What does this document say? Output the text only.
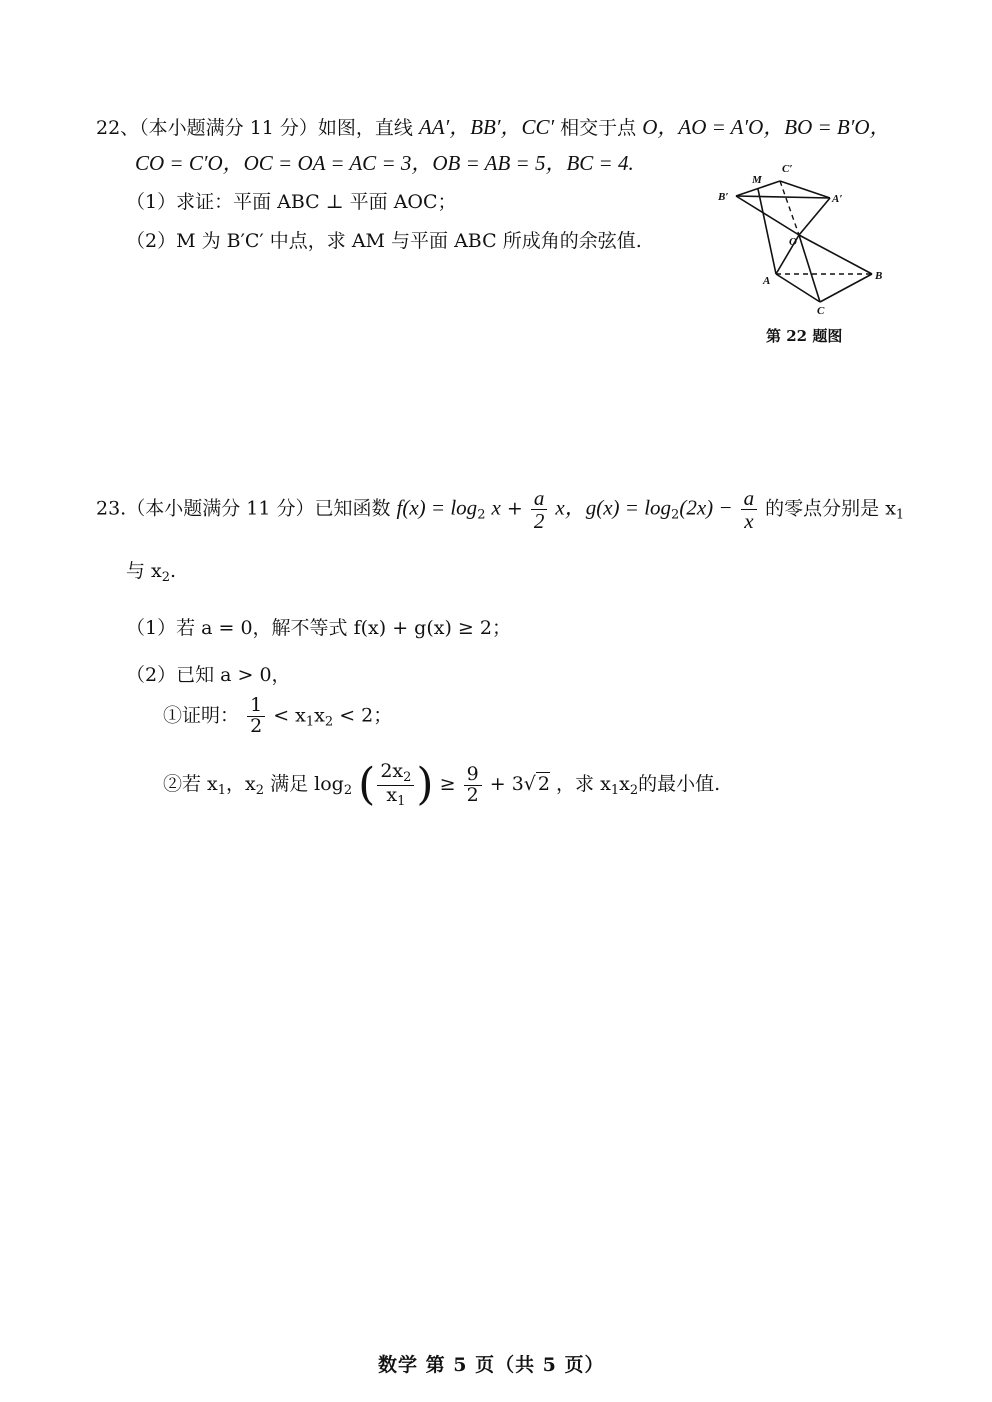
22、（本小题满分 11 分）如图，直线 AA′，BB′，CC′ 相交于点 O，AO = A′O，BO = B′O，
CO = C′O，OC = OA = AC = 3，OB = AB = 5，BC = 4.
（1）求证：平面 ABC ⊥ 平面 AOC；
（2）M 为 B′C′ 中点，求 AM 与平面 ABC 所成角的余弦值.
M
C′
B′	A′
O
A	B
C
第 22 题图
23.（本小题满分 11 分）已知函数 $f(x) = \log_2 x + \frac{a}{2}$ x，$g(x) = \log_2(2x) - \frac{a}{x}$ 的零点分别是 $x_1$
与 $x_2$.
（1）若 a = 0，解不等式 f(x) + g(x) ≥ 2；
（2）已知 a > 0，
①证明： $\frac{1}{2} < x_1x_2 < 2$；
②若 $x_1$，$x_2$ 满足 $\log_2$ ( $\frac{2x_2}{x_1}$ ) ≥ $\frac{9}{2} + 3√$ 2 ，求 $x_1x_2$的最小值.
数学 第 5 页（共 5 页）
